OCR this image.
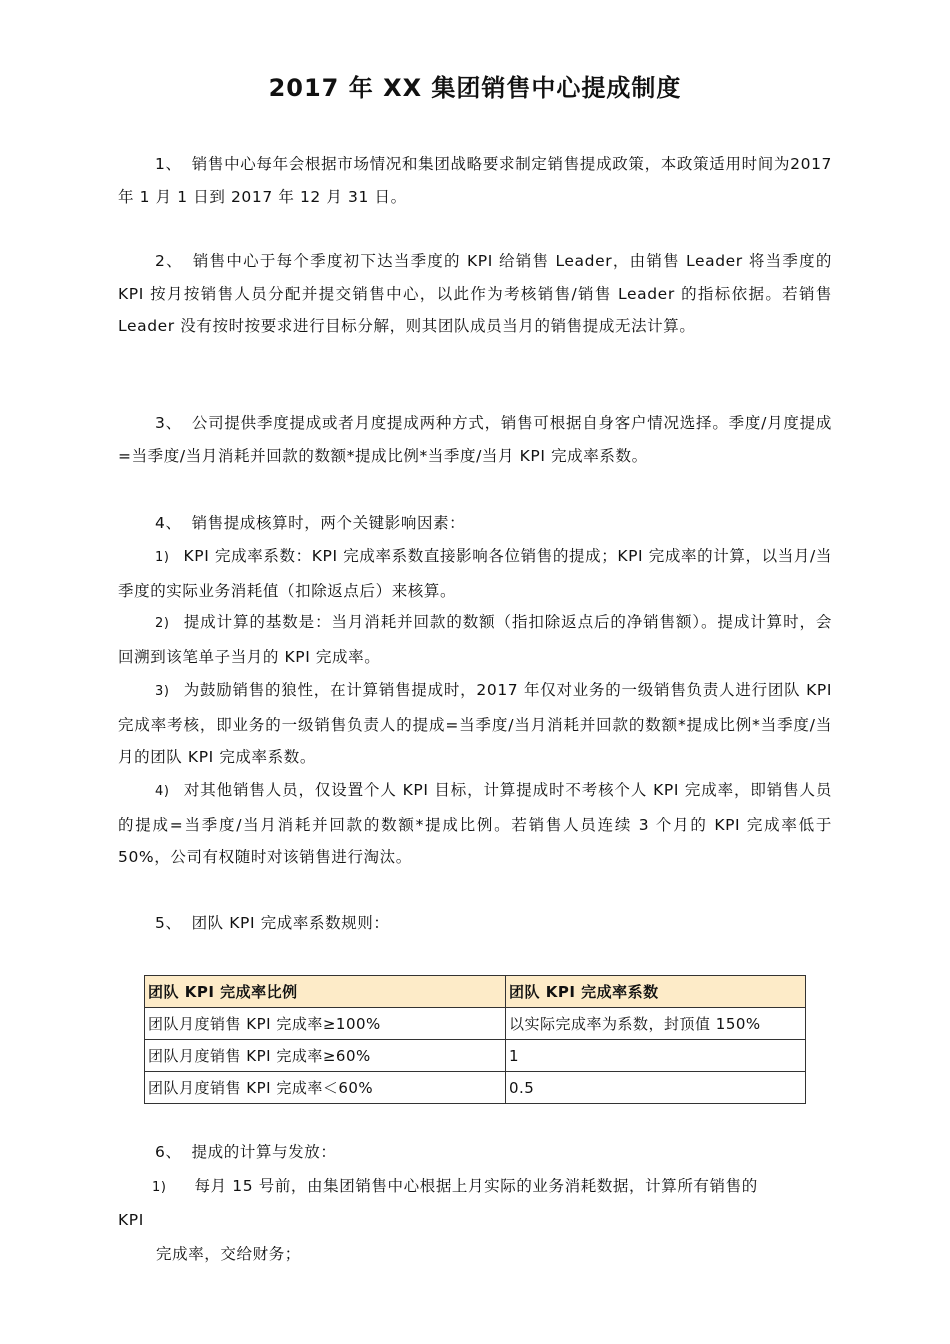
2017 年 XX 集团销售中心提成制度
1、 销售中心每年会根据市场情况和集团战略要求制定销售提成政策，本政策适用时间为2017 年 1 月 1 日到 2017 年 12 月 31 日。
2、 销售中心于每个季度初下达当季度的 KPI 给销售 Leader，由销售 Leader 将当季度的 KPI 按月按销售人员分配并提交销售中心，以此作为考核销售/销售 Leader 的指标依据。若销售 Leader 没有按时按要求进行目标分解，则其团队成员当月的销售提成无法计算。
3、 公司提供季度提成或者月度提成两种方式，销售可根据自身客户情况选择。季度/月度提成=当季度/当月消耗并回款的数额*提成比例*当季度/当月 KPI 完成率系数。
4、 销售提成核算时，两个关键影响因素：
1) KPI 完成率系数：KPI 完成率系数直接影响各位销售的提成；KPI 完成率的计算，以当月/当季度的实际业务消耗值（扣除返点后）来核算。
2) 提成计算的基数是：当月消耗并回款的数额（指扣除返点后的净销售额）。提成计算时，会回溯到该笔单子当月的 KPI 完成率。
3) 为鼓励销售的狼性，在计算销售提成时，2017 年仅对业务的一级销售负责人进行团队 KPI 完成率考核，即业务的一级销售负责人的提成=当季度/当月消耗并回款的数额*提成比例*当季度/当月的团队 KPI 完成率系数。
4) 对其他销售人员，仅设置个人 KPI 目标，计算提成时不考核个人 KPI 完成率，即销售人员的提成=当季度/当月消耗并回款的数额*提成比例。若销售人员连续 3 个月的 KPI 完成率低于 50%，公司有权随时对该销售进行淘汰。
5、 团队 KPI 完成率系数规则：
团队 KPI 完成率比例	团队 KPI 完成率系数
团队月度销售 KPI 完成率≥100%	以实际完成率为系数，封顶值 150%
团队月度销售 KPI 完成率≥60%	1
团队月度销售 KPI 完成率＜60%	0.5
6、 提成的计算与发放：
1) 每月 15 号前，由集团销售中心根据上月实际的业务消耗数据，计算所有销售的
KPI
完成率，交给财务；
